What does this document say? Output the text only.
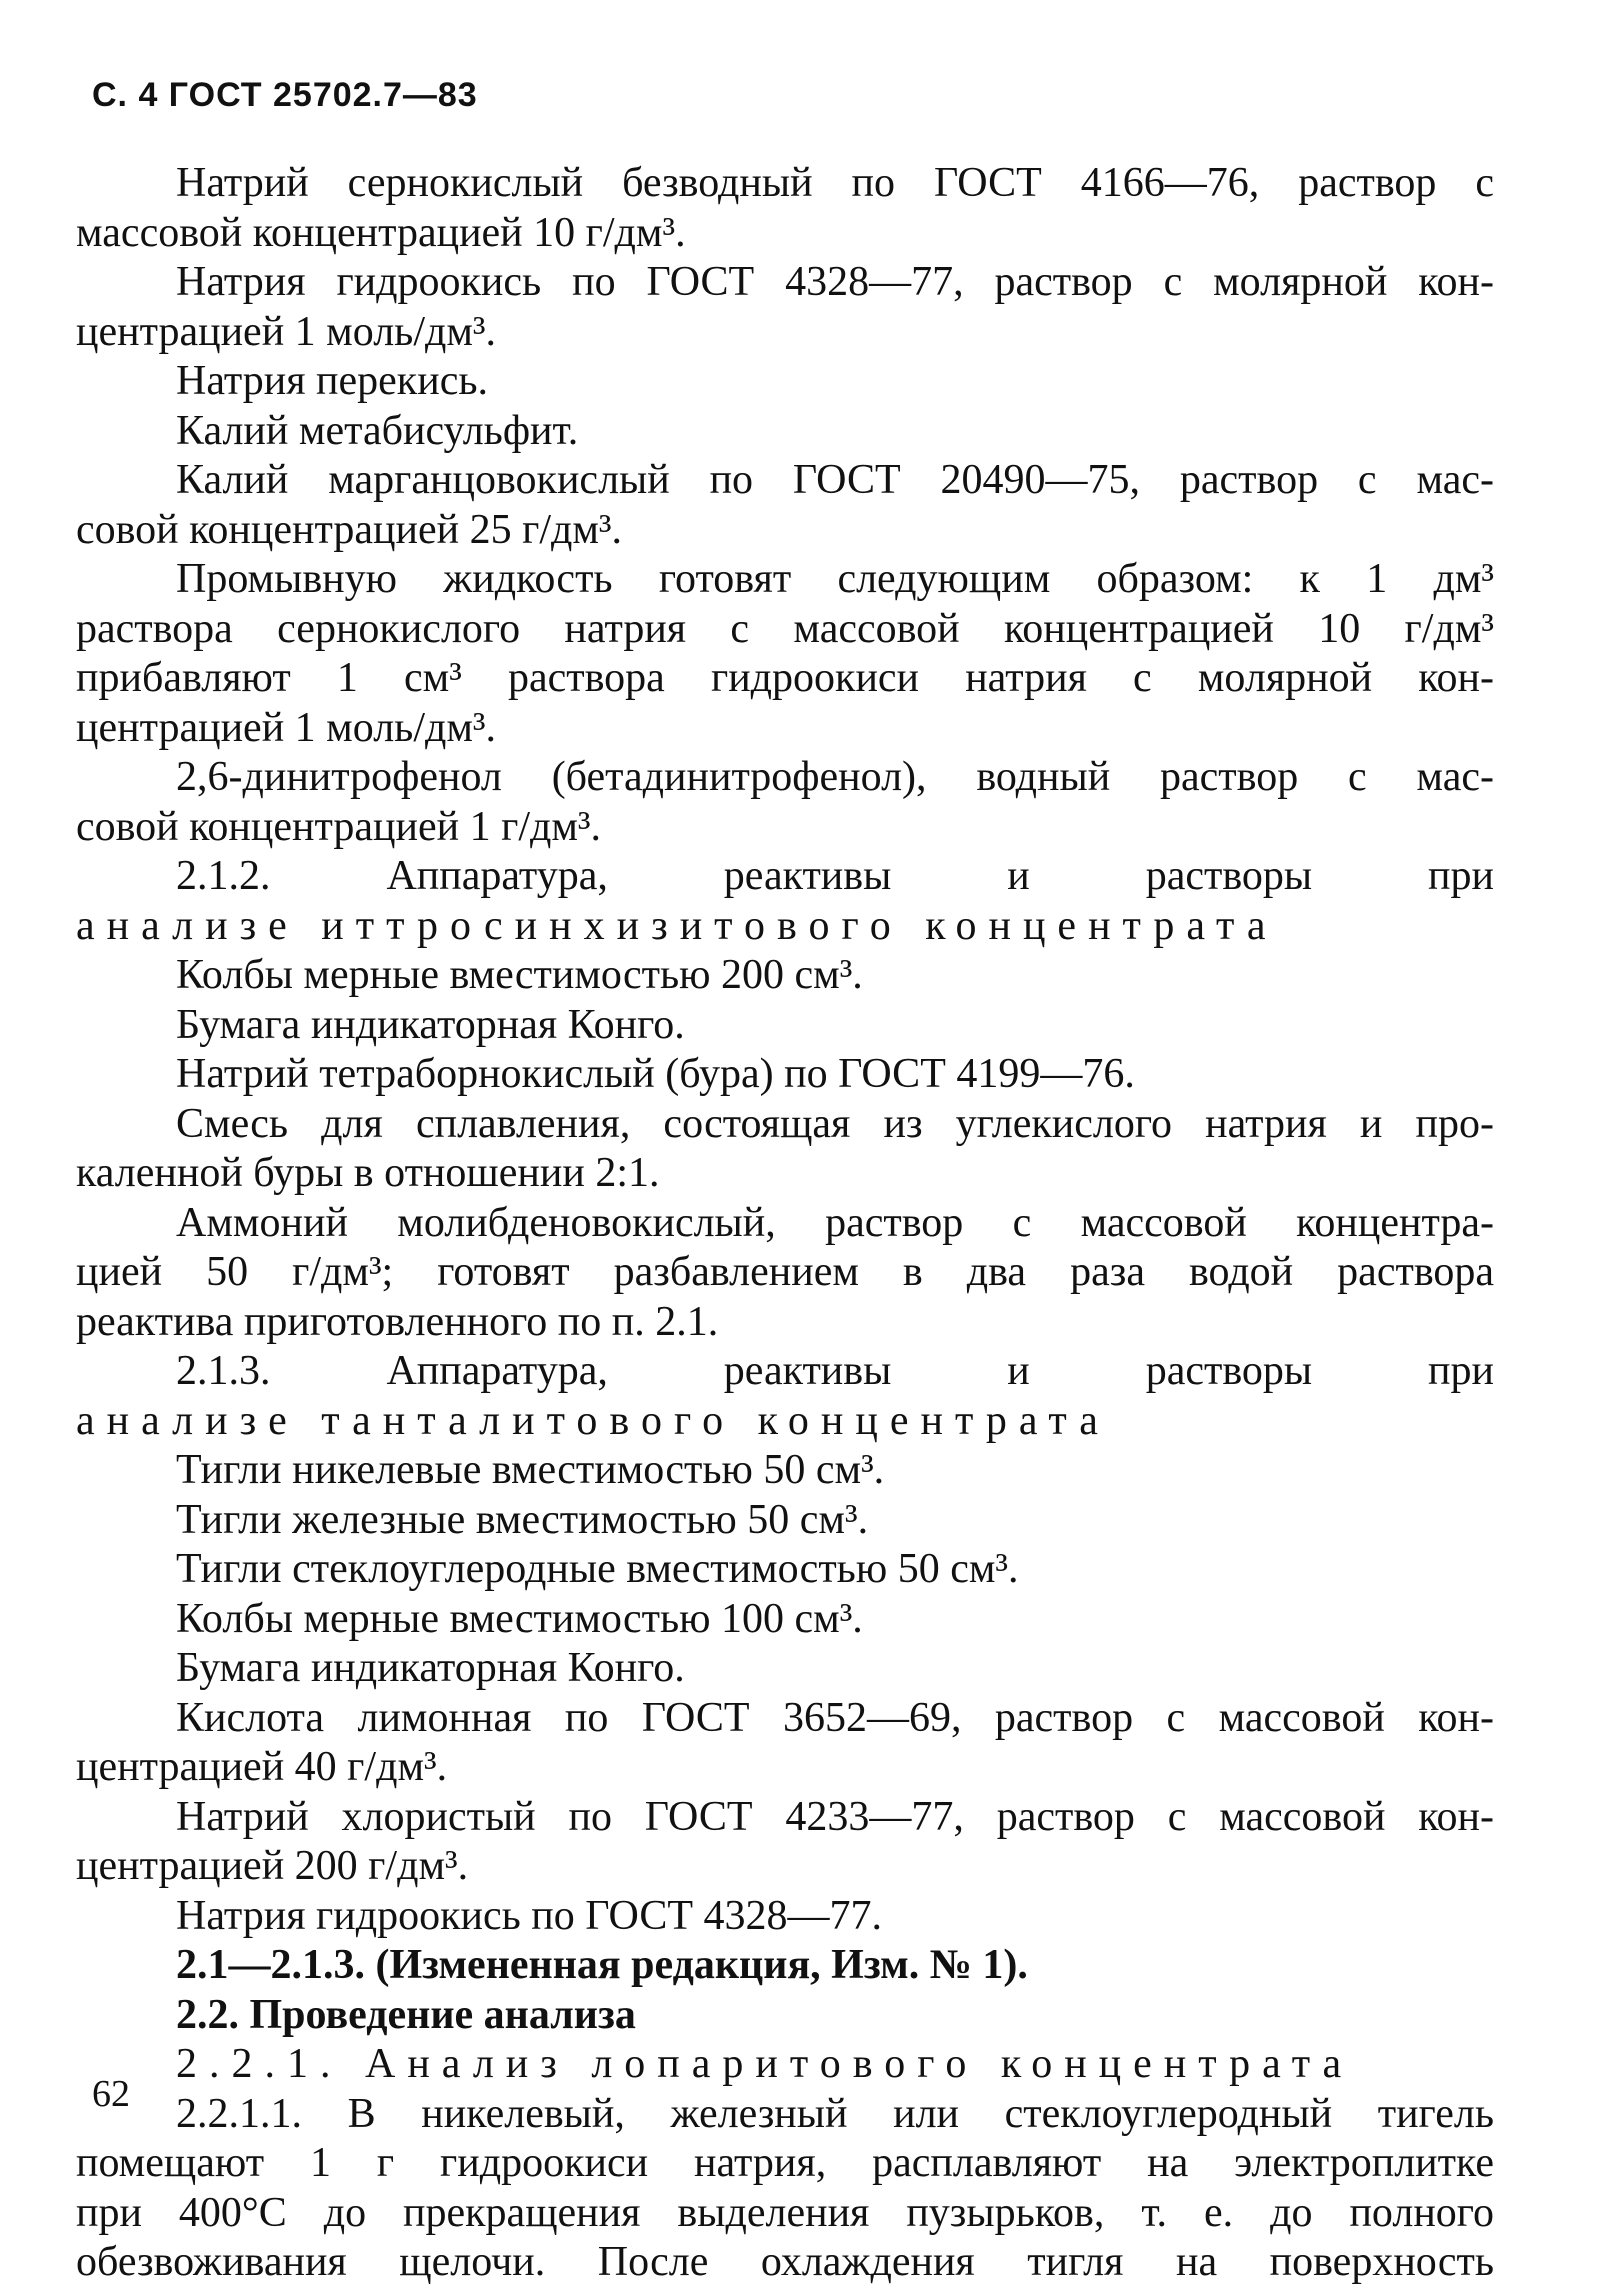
С. 4 ГОСТ 25702.7—83
Натрий сернокислый безводный по ГОСТ 4166—76, раствор с
массовой концентрацией 10 г/дм³.
Натрия гидроокись по ГОСТ 4328—77, раствор с молярной кон-
центрацией 1 моль/дм³.
Натрия перекись.
Калий метабисульфит.
Калий марганцовокислый по ГОСТ 20490—75, раствор с мас-
совой концентрацией 25 г/дм³.
Промывную жидкость готовят следующим образом: к 1 дм³
раствора сернокислого натрия с массовой концентрацией 10 г/дм³
прибавляют 1 см³ раствора гидроокиси натрия с молярной кон-
центрацией 1 моль/дм³.
2,6-динитрофенол (бетадинитрофенол), водный раствор с мас-
совой концентрацией 1 г/дм³.
2.1.2. Аппаратура, реактивы и растворы при
анализе иттросинхизитового концентрата
Колбы мерные вместимостью 200 см³.
Бумага индикаторная Конго.
Натрий тетраборнокислый (бура) по ГОСТ 4199—76.
Смесь для сплавления, состоящая из углекислого натрия и про-
каленной буры в отношении 2:1.
Аммоний молибденовокислый, раствор с массовой концентра-
цией 50 г/дм³; готовят разбавлением в два раза водой раствора
реактива приготовленного по п. 2.1.
2.1.3. Аппаратура, реактивы и растворы при
анализе танталитового концентрата
Тигли никелевые вместимостью 50 см³.
Тигли железные вместимостью 50 см³.
Тигли стеклоуглеродные вместимостью 50 см³.
Колбы мерные вместимостью 100 см³.
Бумага индикаторная Конго.
Кислота лимонная по ГОСТ 3652—69, раствор с массовой кон-
центрацией 40 г/дм³.
Натрий хлористый по ГОСТ 4233—77, раствор с массовой кон-
центрацией 200 г/дм³.
Натрия гидроокись по ГОСТ 4328—77.
2.1—2.1.3. (Измененная редакция, Изм. № 1).
2.2. Проведение анализа
2.2.1. Анализ лопаритового концентрата
2.2.1.1. В никелевый, железный или стеклоуглеродный тигель
помещают 1 г гидроокиси натрия, расплавляют на электроплитке
при 400°С до прекращения выделения пузырьков, т. е. до полного
обезвоживания щелочи. После охлаждения тигля на поверхность
62
